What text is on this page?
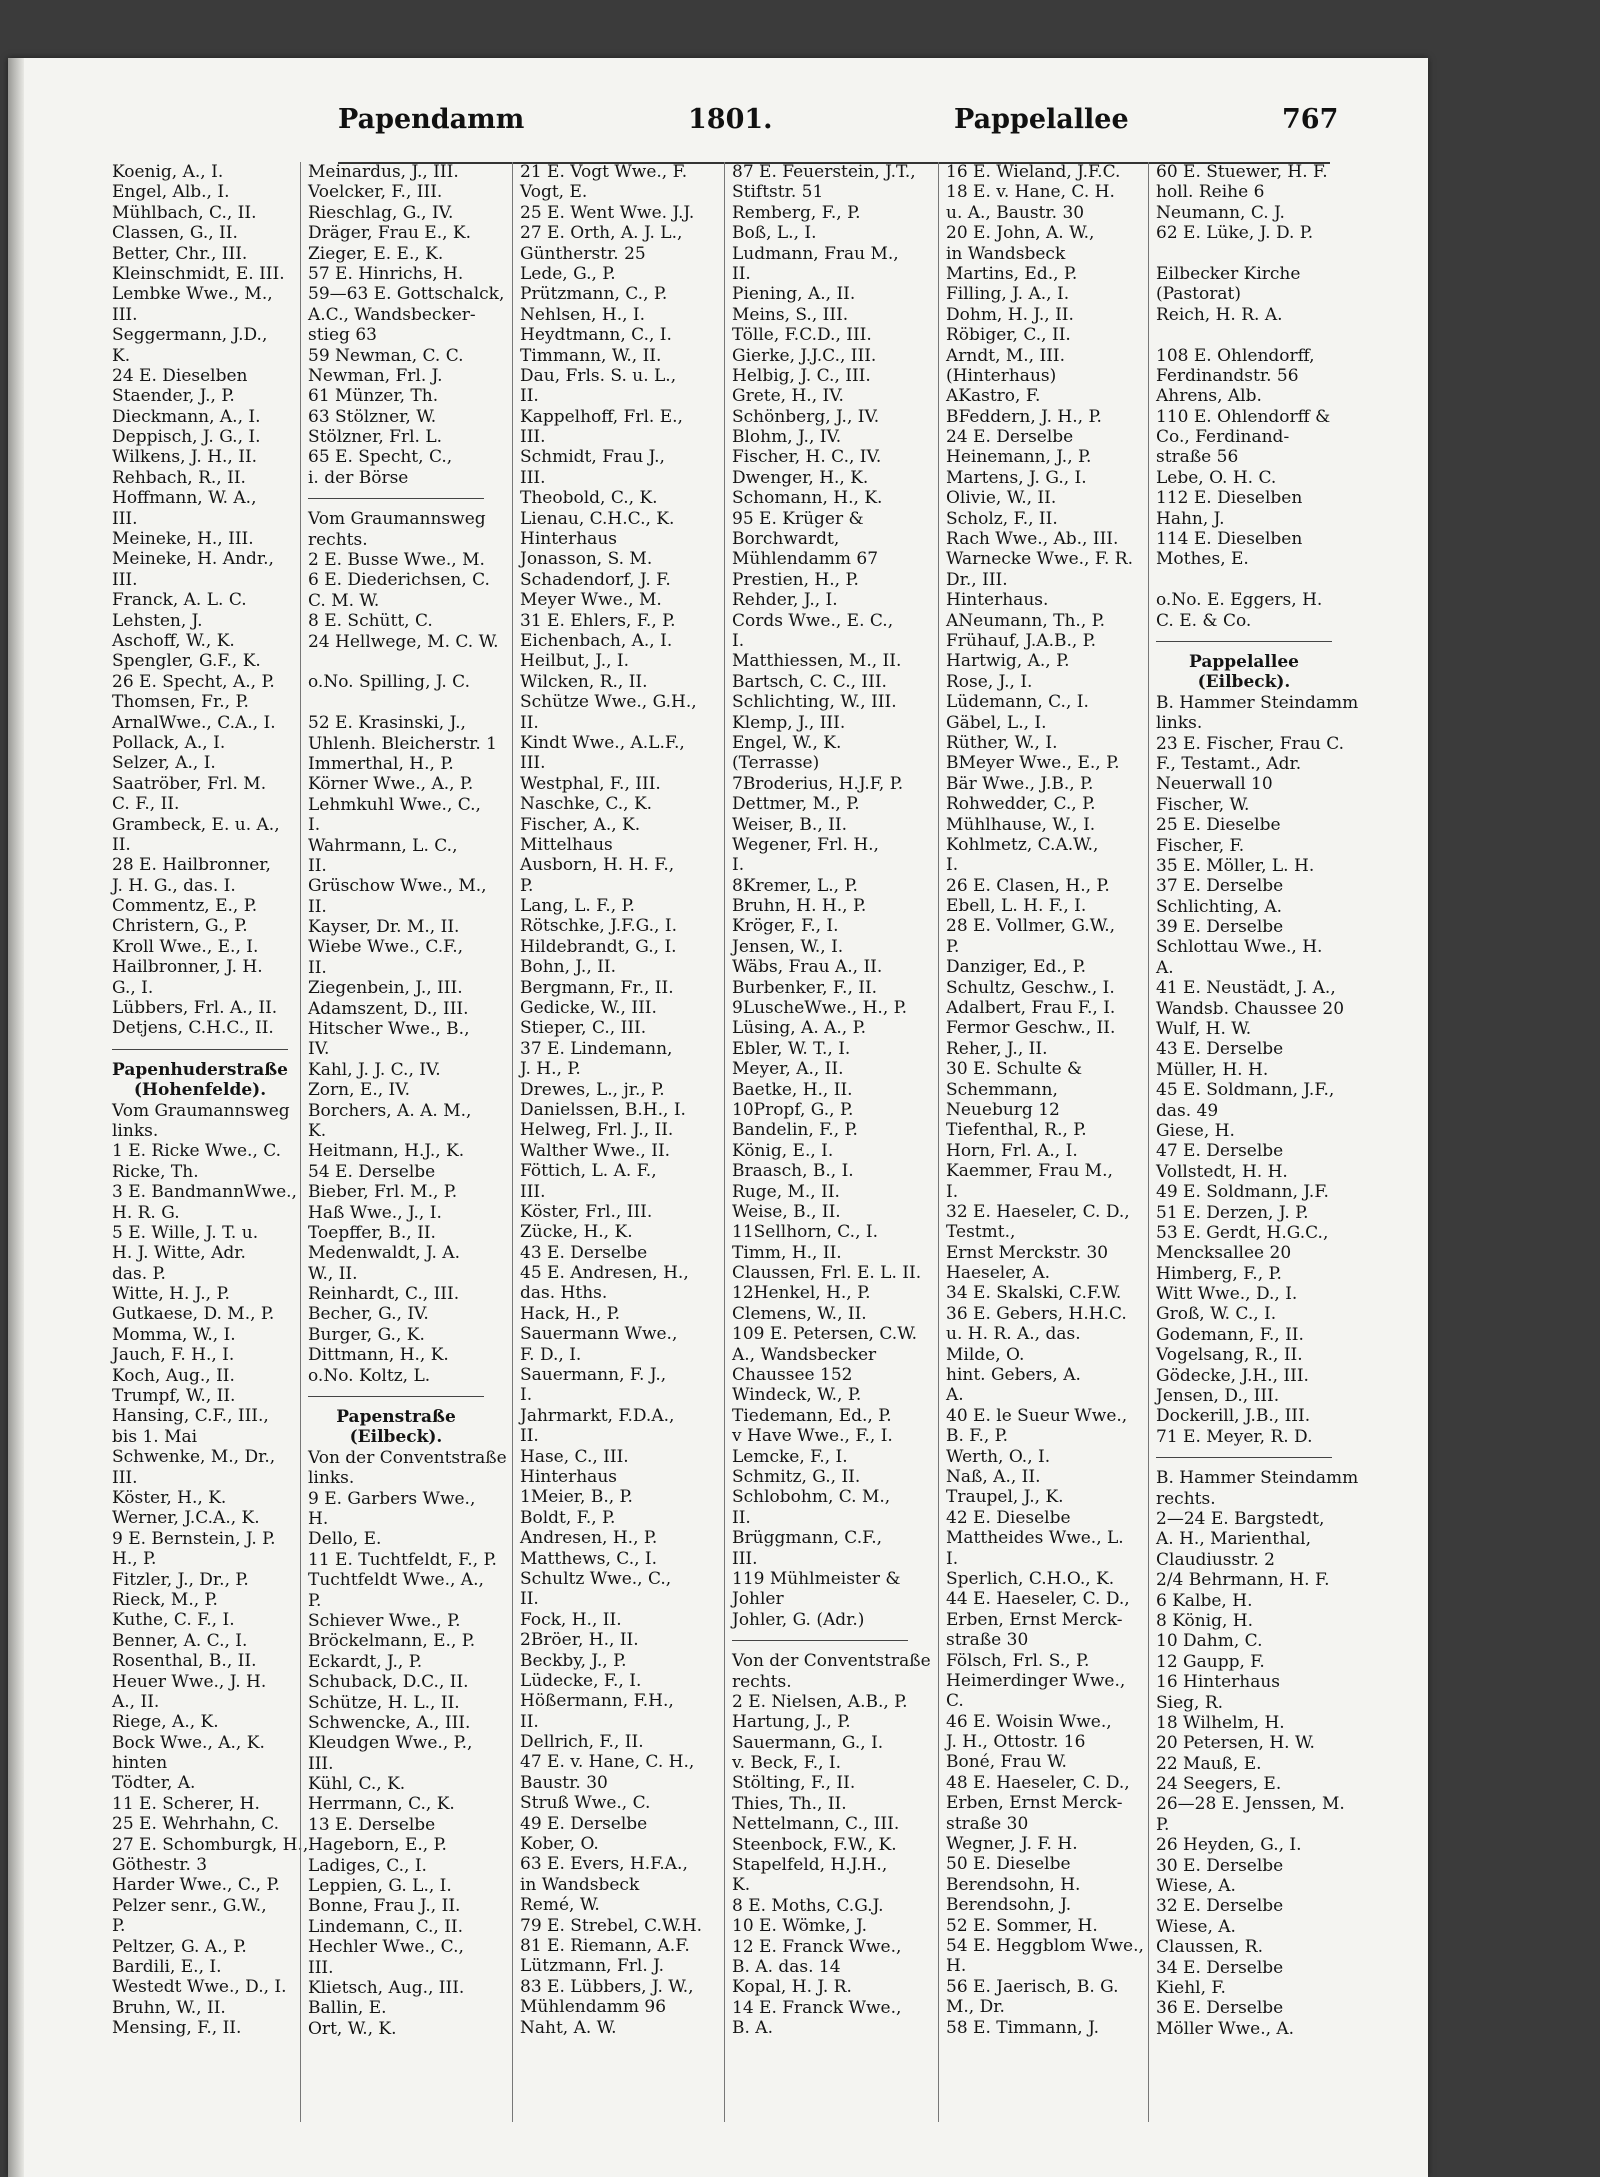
Papendamm	1801.	Pappelallee	767
Koenig, A., I.
Engel, Alb., I.
Mühlbach, C., II.
Classen, G., II.
Better, Chr., III.
Kleinschmidt, E. III.
Lembke Wwe., M.,
III.
Seggermann, J.D.,
K.
24 E. Dieselben
Staender, J., P.
Dieckmann, A., I.
Deppisch, J. G., I.
Wilkens, J. H., II.
Rehbach, R., II.
Hoffmann, W. A.,
III.
Meineke, H., III.
Meineke, H. Andr.,
III.
Franck, A. L. C.
Lehsten, J.
Aschoff, W., K.
Spengler, G.F., K.
26 E. Specht, A., P.
Thomsen, Fr., P.
ArnalWwe., C.A., I.
Pollack, A., I.
Selzer, A., I.
Saatröber, Frl. M.
C. F., II.
Grambeck, E. u. A.,
II.
28 E. Hailbronner,
J. H. G., das. I.
Commentz, E., P.
Christern, G., P.
Kroll Wwe., E., I.
Hailbronner, J. H.
G., I.
Lübbers, Frl. A., II.
Detjens, C.H.C., II.
Papenhuderstraße
(Hohenfelde).
Vom Graumannsweg
links.
1 E. Ricke Wwe., C.
Ricke, Th.
3 E. BandmannWwe.,
H. R. G.
5 E. Wille, J. T. u.
H. J. Witte, Adr.
das. P.
Witte, H. J., P.
Gutkaese, D. M., P.
Momma, W., I.
Jauch, F. H., I.
Koch, Aug., II.
Trumpf, W., II.
Hansing, C.F., III.,
bis 1. Mai
Schwenke, M., Dr.,
III.
Köster, H., K.
Werner, J.C.A., K.
9 E. Bernstein, J. P.
H., P.
Fitzler, J., Dr., P.
Rieck, M., P.
Kuthe, C. F., I.
Benner, A. C., I.
Rosenthal, B., II.
Heuer Wwe., J. H.
A., II.
Riege, A., K.
Bock Wwe., A., K.
hinten
Tödter, A.
11 E. Scherer, H.
25 E. Wehrhahn, C.
27 E. Schomburgk, H.,
Göthestr. 3
Harder Wwe., C., P.
Pelzer senr., G.W.,
P.
Peltzer, G. A., P.
Bardili, E., I.
Westedt Wwe., D., I.
Bruhn, W., II.
Mensing, F., II.
Meinardus, J., III.
Voelcker, F., III.
Rieschlag, G., IV.
Dräger, Frau E., K.
Zieger, E. E., K.
57 E. Hinrichs, H.
59—63 E. Gottschalck,
A.C., Wandsbecker-
stieg 63
59 Newman, C. C.
Newman, Frl. J.
61 Münzer, Th.
63 Stölzner, W.
Stölzner, Frl. L.
65 E. Specht, C.,
i. der Börse
Vom Graumannsweg
rechts.
2 E. Busse Wwe., M.
6 E. Diederichsen, C.
C. M. W.
8 E. Schütt, C.
24 Hellwege, M. C. W.
o.No. Spilling, J. C.
52 E. Krasinski, J.,
Uhlenh. Bleicherstr. 1
Immerthal, H., P.
Körner Wwe., A., P.
Lehmkuhl Wwe., C.,
I.
Wahrmann, L. C.,
II.
Grüschow Wwe., M.,
II.
Kayser, Dr. M., II.
Wiebe Wwe., C.F.,
II.
Ziegenbein, J., III.
Adamszent, D., III.
Hitscher Wwe., B.,
IV.
Kahl, J. J. C., IV.
Zorn, E., IV.
Borchers, A. A. M.,
K.
Heitmann, H.J., K.
54 E. Derselbe
Bieber, Frl. M., P.
Haß Wwe., J., I.
Toepffer, B., II.
Medenwaldt, J. A.
W., II.
Reinhardt, C., III.
Becher, G., IV.
Burger, G., K.
Dittmann, H., K.
o.No. Koltz, L.
Papenstraße
(Eilbeck).
Von der Conventstraße
links.
9 E. Garbers Wwe.,
H.
Dello, E.
11 E. Tuchtfeldt, F., P.
Tuchtfeldt Wwe., A.,
P.
Schiever Wwe., P.
Bröckelmann, E., P.
Eckardt, J., P.
Schuback, D.C., II.
Schütze, H. L., II.
Schwencke, A., III.
Kleudgen Wwe., P.,
III.
Kühl, C., K.
Herrmann, C., K.
13 E. Derselbe
Hageborn, E., P.
Ladiges, C., I.
Leppien, G. L., I.
Bonne, Frau J., II.
Lindemann, C., II.
Hechler Wwe., C.,
III.
Klietsch, Aug., III.
Ballin, E.
Ort, W., K.
21 E. Vogt Wwe., F.
Vogt, E.
25 E. Went Wwe. J.J.
27 E. Orth, A. J. L.,
Güntherstr. 25
Lede, G., P.
Prützmann, C., P.
Nehlsen, H., I.
Heydtmann, C., I.
Timmann, W., II.
Dau, Frls. S. u. L.,
II.
Kappelhoff, Frl. E.,
III.
Schmidt, Frau J.,
III.
Theobold, C., K.
Lienau, C.H.C., K.
Hinterhaus
Jonasson, S. M.
Schadendorf, J. F.
Meyer Wwe., M.
31 E. Ehlers, F., P.
Eichenbach, A., I.
Heilbut, J., I.
Wilcken, R., II.
Schütze Wwe., G.H.,
II.
Kindt Wwe., A.L.F.,
III.
Westphal, F., III.
Naschke, C., K.
Fischer, A., K.
Mittelhaus
Ausborn, H. H. F.,
P.
Lang, L. F., P.
Rötschke, J.F.G., I.
Hildebrandt, G., I.
Bohn, J., II.
Bergmann, Fr., II.
Gedicke, W., III.
Stieper, C., III.
37 E. Lindemann,
J. H., P.
Drewes, L., jr., P.
Danielssen, B.H., I.
Helweg, Frl. J., II.
Walther Wwe., II.
Föttich, L. A. F.,
III.
Köster, Frl., III.
Zücke, H., K.
43 E. Derselbe
45 E. Andresen, H.,
das. Hths.
Hack, H., P.
Sauermann Wwe.,
F. D., I.
Sauermann, F. J.,
I.
Jahrmarkt, F.D.A.,
II.
Hase, C., III.
Hinterhaus
1Meier, B., P.
Boldt, F., P.
Andresen, H., P.
Matthews, C., I.
Schultz Wwe., C.,
II.
Fock, H., II.
2Bröer, H., II.
Beckby, J., P.
Lüdecke, F., I.
Hößermann, F.H.,
II.
Dellrich, F., II.
47 E. v. Hane, C. H.,
Baustr. 30
Struß Wwe., C.
49 E. Derselbe
Kober, O.
63 E. Evers, H.F.A.,
in Wandsbeck
Remé, W.
79 E. Strebel, C.W.H.
81 E. Riemann, A.F.
Lützmann, Frl. J.
83 E. Lübbers, J. W.,
Mühlendamm 96
Naht, A. W.
87 E. Feuerstein, J.T.,
Stiftstr. 51
Remberg, F., P.
Boß, L., I.
Ludmann, Frau M.,
II.
Piening, A., II.
Meins, S., III.
Tölle, F.C.D., III.
Gierke, J.J.C., III.
Helbig, J. C., III.
Grete, H., IV.
Schönberg, J., IV.
Blohm, J., IV.
Fischer, H. C., IV.
Dwenger, H., K.
Schomann, H., K.
95 E. Krüger &
Borchwardt,
Mühlendamm 67
Prestien, H., P.
Rehder, J., I.
Cords Wwe., E. C.,
I.
Matthiessen, M., II.
Bartsch, C. C., III.
Schlichting, W., III.
Klemp, J., III.
Engel, W., K.
(Terrasse)
7Broderius, H.J.F, P.
Dettmer, M., P.
Weiser, B., II.
Wegener, Frl. H.,
I.
8Kremer, L., P.
Bruhn, H. H., P.
Kröger, F., I.
Jensen, W., I.
Wäbs, Frau A., II.
Burbenker, F., II.
9LuscheWwe., H., P.
Lüsing, A. A., P.
Ebler, W. T., I.
Meyer, A., II.
Baetke, H., II.
10Propf, G., P.
Bandelin, F., P.
König, E., I.
Braasch, B., I.
Ruge, M., II.
Weise, B., II.
11Sellhorn, C., I.
Timm, H., II.
Claussen, Frl. E. L. II.
12Henkel, H., P.
Clemens, W., II.
109 E. Petersen, C.W.
A., Wandsbecker
Chaussee 152
Windeck, W., P.
Tiedemann, Ed., P.
v Have Wwe., F., I.
Lemcke, F., I.
Schmitz, G., II.
Schlobohm, C. M.,
II.
Brüggmann, C.F.,
III.
119 Mühlmeister &
Johler
Johler, G. (Adr.)
Von der Conventstraße
rechts.
2 E. Nielsen, A.B., P.
Hartung, J., P.
Sauermann, G., I.
v. Beck, F., I.
Stölting, F., II.
Thies, Th., II.
Nettelmann, C., III.
Steenbock, F.W., K.
Stapelfeld, H.J.H.,
K.
8 E. Moths, C.G.J.
10 E. Wömke, J.
12 E. Franck Wwe.,
B. A. das. 14
Kopal, H. J. R.
14 E. Franck Wwe.,
B. A.
16 E. Wieland, J.F.C.
18 E. v. Hane, C. H.
u. A., Baustr. 30
20 E. John, A. W.,
in Wandsbeck
Martins, Ed., P.
Filling, J. A., I.
Dohm, H. J., II.
Röbiger, C., II.
Arndt, M., III.
(Hinterhaus)
AKastro, F.
BFeddern, J. H., P.
24 E. Derselbe
Heinemann, J., P.
Martens, J. G., I.
Olivie, W., II.
Scholz, F., II.
Rach Wwe., Ab., III.
Warnecke Wwe., F. R.
Dr., III.
Hinterhaus.
ANeumann, Th., P.
Frühauf, J.A.B., P.
Hartwig, A., P.
Rose, J., I.
Lüdemann, C., I.
Gäbel, L., I.
Rüther, W., I.
BMeyer Wwe., E., P.
Bär Wwe., J.B., P.
Rohwedder, C., P.
Mühlhause, W., I.
Kohlmetz, C.A.W.,
I.
26 E. Clasen, H., P.
Ebell, L. H. F., I.
28 E. Vollmer, G.W.,
P.
Danziger, Ed., P.
Schultz, Geschw., I.
Adalbert, Frau F., I.
Fermor Geschw., II.
Reher, J., II.
30 E. Schulte &
Schemmann,
Neueburg 12
Tiefenthal, R., P.
Horn, Frl. A., I.
Kaemmer, Frau M.,
I.
32 E. Haeseler, C. D.,
Testmt.,
Ernst Merckstr. 30
Haeseler, A.
34 E. Skalski, C.F.W.
36 E. Gebers, H.H.C.
u. H. R. A., das.
Milde, O.
hint. Gebers, A.
A.
40 E. le Sueur Wwe.,
B. F., P.
Werth, O., I.
Naß, A., II.
Traupel, J., K.
42 E. Dieselbe
Mattheides Wwe., L.
I.
Sperlich, C.H.O., K.
44 E. Haeseler, C. D.,
Erben, Ernst Merck-
straße 30
Fölsch, Frl. S., P.
Heimerdinger Wwe.,
C.
46 E. Woisin Wwe.,
J. H., Ottostr. 16
Boné, Frau W.
48 E. Haeseler, C. D.,
Erben, Ernst Merck-
straße 30
Wegner, J. F. H.
50 E. Dieselbe
Berendsohn, H.
Berendsohn, J.
52 E. Sommer, H.
54 E. Heggblom Wwe.,
H.
56 E. Jaerisch, B. G.
M., Dr.
58 E. Timmann, J.
60 E. Stuewer, H. F.
holl. Reihe 6
Neumann, C. J.
62 E. Lüke, J. D. P.
Eilbecker Kirche
(Pastorat)
Reich, H. R. A.
108 E. Ohlendorff,
Ferdinandstr. 56
Ahrens, Alb.
110 E. Ohlendorff &
Co., Ferdinand-
straße 56
Lebe, O. H. C.
112 E. Dieselben
Hahn, J.
114 E. Dieselben
Mothes, E.
o.No. E. Eggers, H.
C. E. & Co.
Pappelallee
(Eilbeck).
B. Hammer Steindamm
links.
23 E. Fischer, Frau C.
F., Testamt., Adr.
Neuerwall 10
Fischer, W.
25 E. Dieselbe
Fischer, F.
35 E. Möller, L. H.
37 E. Derselbe
Schlichting, A.
39 E. Derselbe
Schlottau Wwe., H.
A.
41 E. Neustädt, J. A.,
Wandsb. Chaussee 20
Wulf, H. W.
43 E. Derselbe
Müller, H. H.
45 E. Soldmann, J.F.,
das. 49
Giese, H.
47 E. Derselbe
Vollstedt, H. H.
49 E. Soldmann, J.F.
51 E. Derzen, J. P.
53 E. Gerdt, H.G.C.,
Mencksallee 20
Himberg, F., P.
Witt Wwe., D., I.
Groß, W. C., I.
Godemann, F., II.
Vogelsang, R., II.
Gödecke, J.H., III.
Jensen, D., III.
Dockerill, J.B., III.
71 E. Meyer, R. D.
B. Hammer Steindamm
rechts.
2—24 E. Bargstedt,
A. H., Marienthal,
Claudiusstr. 2
2/4 Behrmann, H. F.
6 Kalbe, H.
8 König, H.
10 Dahm, C.
12 Gaupp, F.
16 Hinterhaus
Sieg, R.
18 Wilhelm, H.
20 Petersen, H. W.
22 Mauß, E.
24 Seegers, E.
26—28 E. Jenssen, M.
P.
26 Heyden, G., I.
30 E. Derselbe
Wiese, A.
32 E. Derselbe
Wiese, A.
Claussen, R.
34 E. Derselbe
Kiehl, F.
36 E. Derselbe
Möller Wwe., A.
